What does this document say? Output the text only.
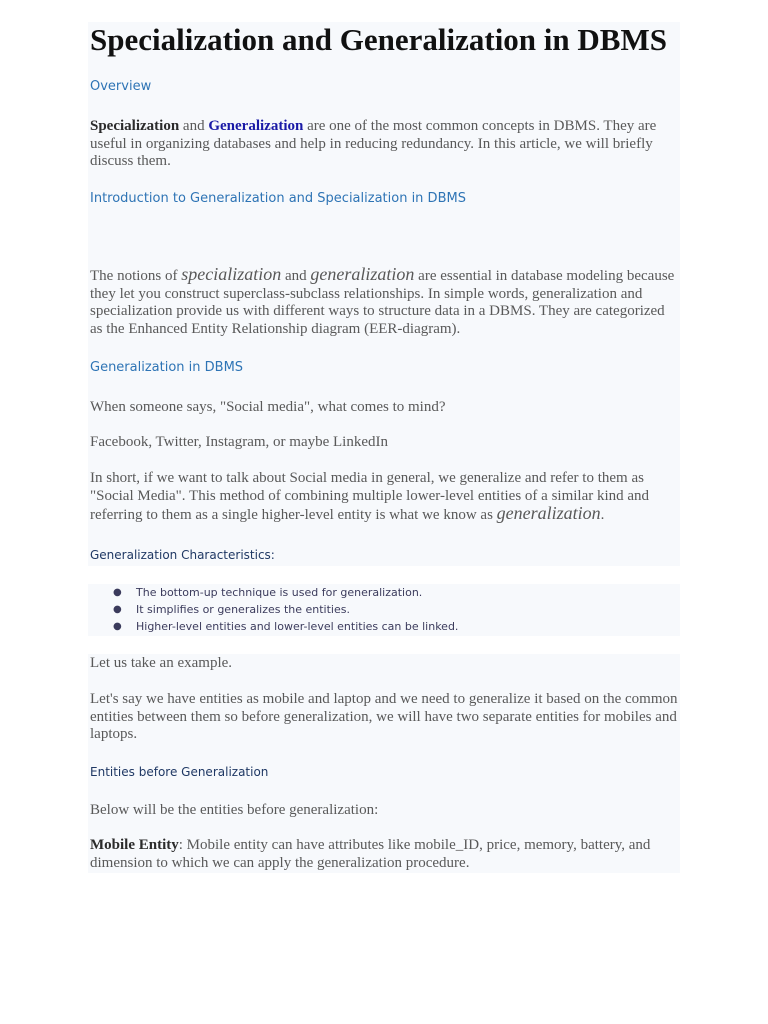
Specialization and Generalization in DBMS
Overview

Specialization and Generalization are one of the most common concepts in DBMS. They are useful in organizing databases and help in reducing redundancy. In this article, we will briefly discuss them.

Introduction to Generalization and Specialization in DBMS

The notions of specialization and generalization are essential in database modeling because they let you construct superclass-subclass relationships. In simple words, generalization and specialization provide us with different ways to structure data in a DBMS. They are categorized as the Enhanced Entity Relationship diagram (EER-diagram).

Generalization in DBMS

When someone says, "Social media", what comes to mind?

Facebook, Twitter, Instagram, or maybe LinkedIn

In short, if we want to talk about Social media in general, we generalize and refer to them as "Social Media". This method of combining multiple lower-level entities of a similar kind and referring to them as a single higher-level entity is what we know as generalization.

Generalization Characteristics:
● The bottom-up technique is used for generalization.
● It simplifies or generalizes the entities.
● Higher-level entities and lower-level entities can be linked.

Let us take an example.

Let's say we have entities as mobile and laptop and we need to generalize it based on the common entities between them so before generalization, we will have two separate entities for mobiles and laptops.

Entities before Generalization

Below will be the entities before generalization:

Mobile Entity: Mobile entity can have attributes like mobile_ID, price, memory, battery, and dimension to which we can apply the generalization procedure.
